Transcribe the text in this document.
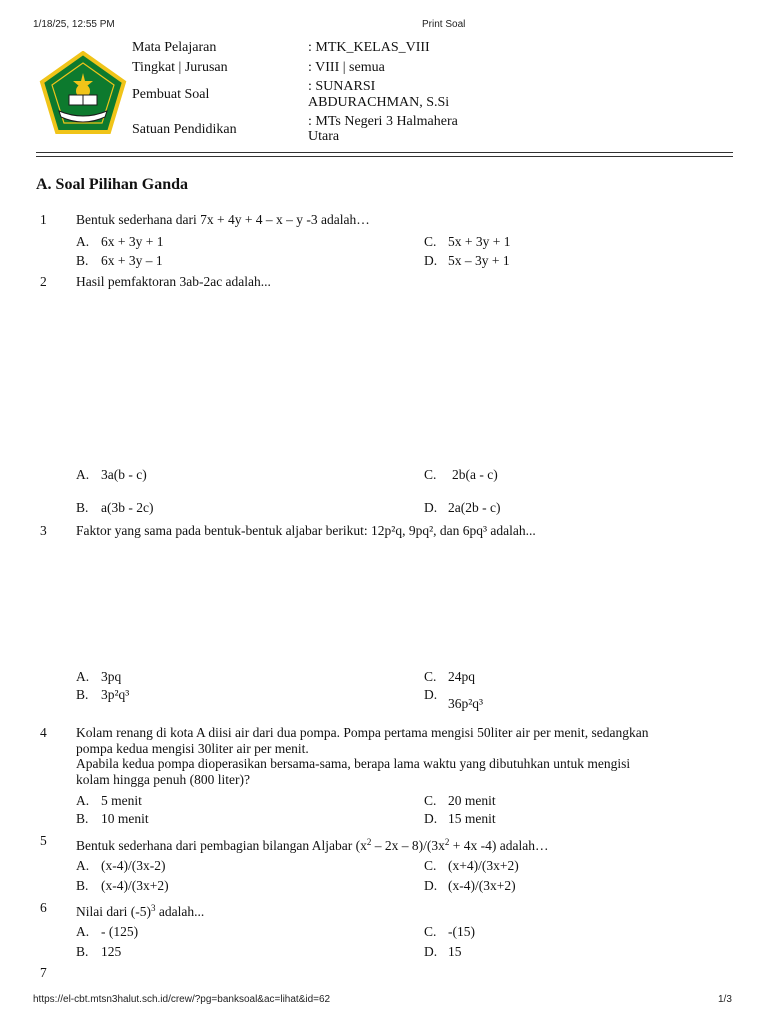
1/18/25, 12:55 PM	Print Soal
Mata Pelajaran	: MTK_KELAS_VIII
Tingkat | Jurusan	: VIII | semua
Pembuat Soal
: SUNARSI
ABDURACHMAN, S.Si
Satuan Pendidikan
: MTs Negeri 3 Halmahera
Utara
A. Soal Pilihan Ganda
1 Bentuk sederhana dari 7x + 4y + 4 – x – y -3 adalah…
A. 6x + 3y + 1
B. 6x + 3y – 1
C. 5x + 3y + 1
D. 5x – 3y + 1
2 Hasil pemfaktoran 3ab-2ac adalah...
A. 3a(b - c)
B. a(3b - 2c)
C. 2b(a - c)
D. 2a(2b - c)
3 Faktor yang sama pada bentuk-bentuk aljabar berikut: 12p²q, 9pq², dan 6pq³ adalah...
A. 3pq
B. 3p²q³
C. 24pq
D.
36p²q³
4 Kolam renang di kota A diisi air dari dua pompa. Pompa pertama mengisi 50liter air per menit, sedangkan
pompa kedua mengisi 30liter air per menit.
Apabila kedua pompa dioperasikan bersama-sama, berapa lama waktu yang dibutuhkan untuk mengisi
kolam hingga penuh (800 liter)?
A. 5 menit
B. 10 menit
C. 20 menit
D. 15 menit
5 Bentuk sederhana dari pembagian bilangan Aljabar $(x^2 - 2x - 8)/(3x^2 + 4x$ -4) adalah…
A. (x-4)/(3x-2)
B. (x-4)/(3x+2)
C. (x+4)/(3x+2)
D. (x-4)/(3x+2)
6 Nilai dari $(-5)^3$ adalah...
A. - (125)
B. 125
C. -(15)
D. 15
7
https://el-cbt.mtsn3halut.sch.id/crew/?pg=banksoal&ac=lihat&id=62	1/3
